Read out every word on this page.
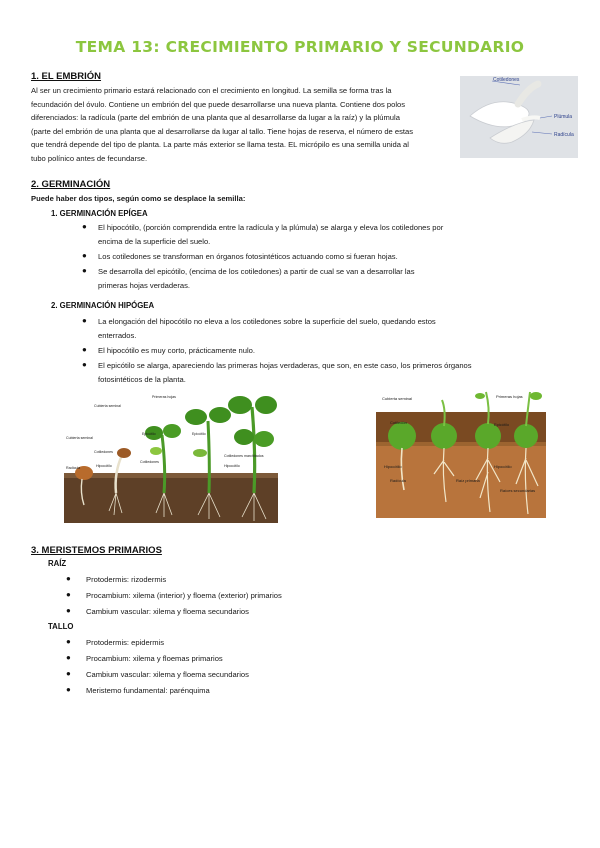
TEMA 13: CRECIMIENTO PRIMARIO Y SECUNDARIO
1. EL EMBRIÓN
Al ser un crecimiento primario estará relacionado con el crecimiento en longitud. La semilla se forma tras la
fecundación del óvulo. Contiene un embrión del que puede desarrollarse una nueva planta. Contiene dos polos
diferenciados: la radícula (parte del embrión de una planta que al desarrollarse da lugar a la raíz) y la plúmula
(parte del embrión de una planta que al desarrollarse da lugar al tallo. Tiene hojas de reserva, el número de estas
que tendrá depende del tipo de planta. La parte más exterior se llama testa. EL micrópilo es una semilla unida al
tubo polínico antes de fecundarse.
Cotiledones
Plúmula
Radícula
2. GERMINACIÓN
Puede haber dos tipos, según como se desplace la semilla:
1. GERMINACIÓN EPÍGEA
● El hipocótilo, (porción comprendida entre la radícula y la plúmula) se alarga y eleva los cotiledones por
encima de la superficie del suelo.
● Los cotiledones se transforman en órganos fotosintéticos actuando como si fueran hojas.
● Se desarrolla del epicótilo, (encima de los cotiledones) a partir de cual se van a desarrollar las
primeras hojas verdaderas.
2. GERMINACIÓN HIPÓGEA
● La elongación del hipocótilo no eleva a los cotiledones sobre la superficie del suelo, quedando estos
enterrados.
● El hipocótilo es muy corto, prácticamente nulo.
● El epicótilo se alarga, apareciendo las primeras hojas verdaderas, que son, en este caso, los primeros órganos
fotosintéticos de la planta.
Primeras hojas
Cubierta seminal
Epicótilo	Epicótilo
Cubierta seminal
Cotiledones
Hipocótilo
Cotiledones
Cotiledones marchitados
Hipocótilo
Radícula
Cubierta seminal
Cotiledón
Primeras hojas
Epicótilo
Hipocótilo
Radícula	Raíz primaria
Raíces secundarias
Hipocótilo
3. MERISTEMOS PRIMARIOS
RAÍZ
● Protodermis: rizodermis
● Procambium: xilema (interior) y floema (exterior) primarios
● Cambium vascular: xilema y floema secundarios
TALLO
● Protodermis: epidermis
● Procambium: xilema y floemas primarios
● Cambium vascular: xilema y floema secundarios
● Meristemo fundamental: parénquima
